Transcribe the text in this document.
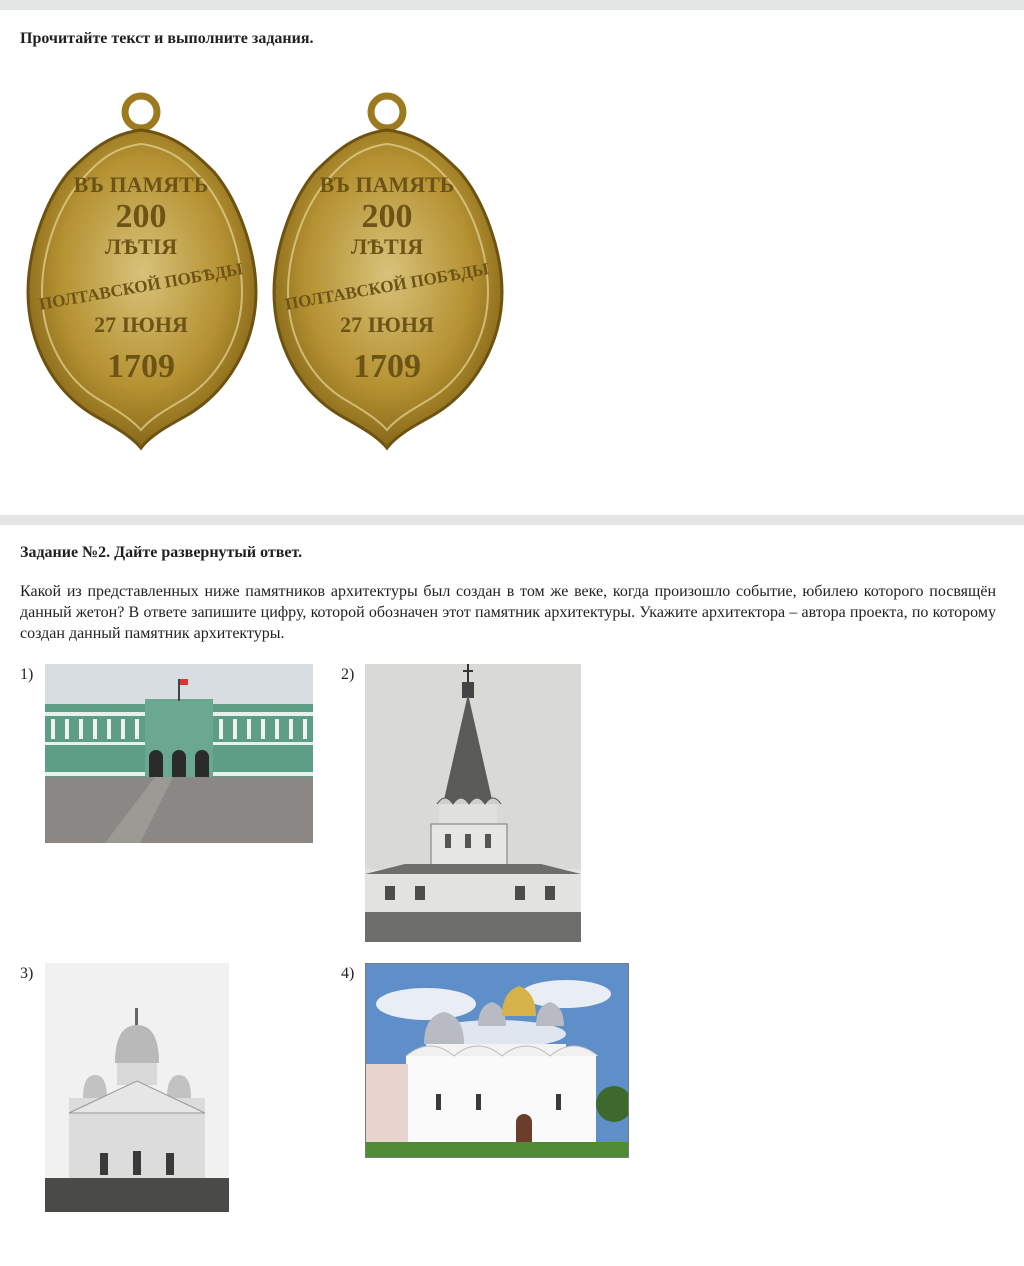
Прочитайте текст и выполните задания.

ВЪ ПАМЯТЬ
200
ЛѢТІЯ
ПОЛТАВСКОЙ ПОБѢДЫ
27 ІЮНЯ
1709
ВЪ ПАМЯТЬ
200
ЛѢТІЯ
ПОЛТАВСКОЙ ПОБѢДЫ
27 ІЮНЯ
1709

Задание №2. Дайте развернутый ответ.

Какой из представленных ниже памятников архитектуры был создан в том же веке, когда произошло событие, юбилею которого посвящён данный жетон? В ответе запишите цифру, которой обозначен этот памятник архитектуры. Укажите архитектора – автора проекта, по которому создан данный памятник архитектуры.

1)	2)
3)	4)
